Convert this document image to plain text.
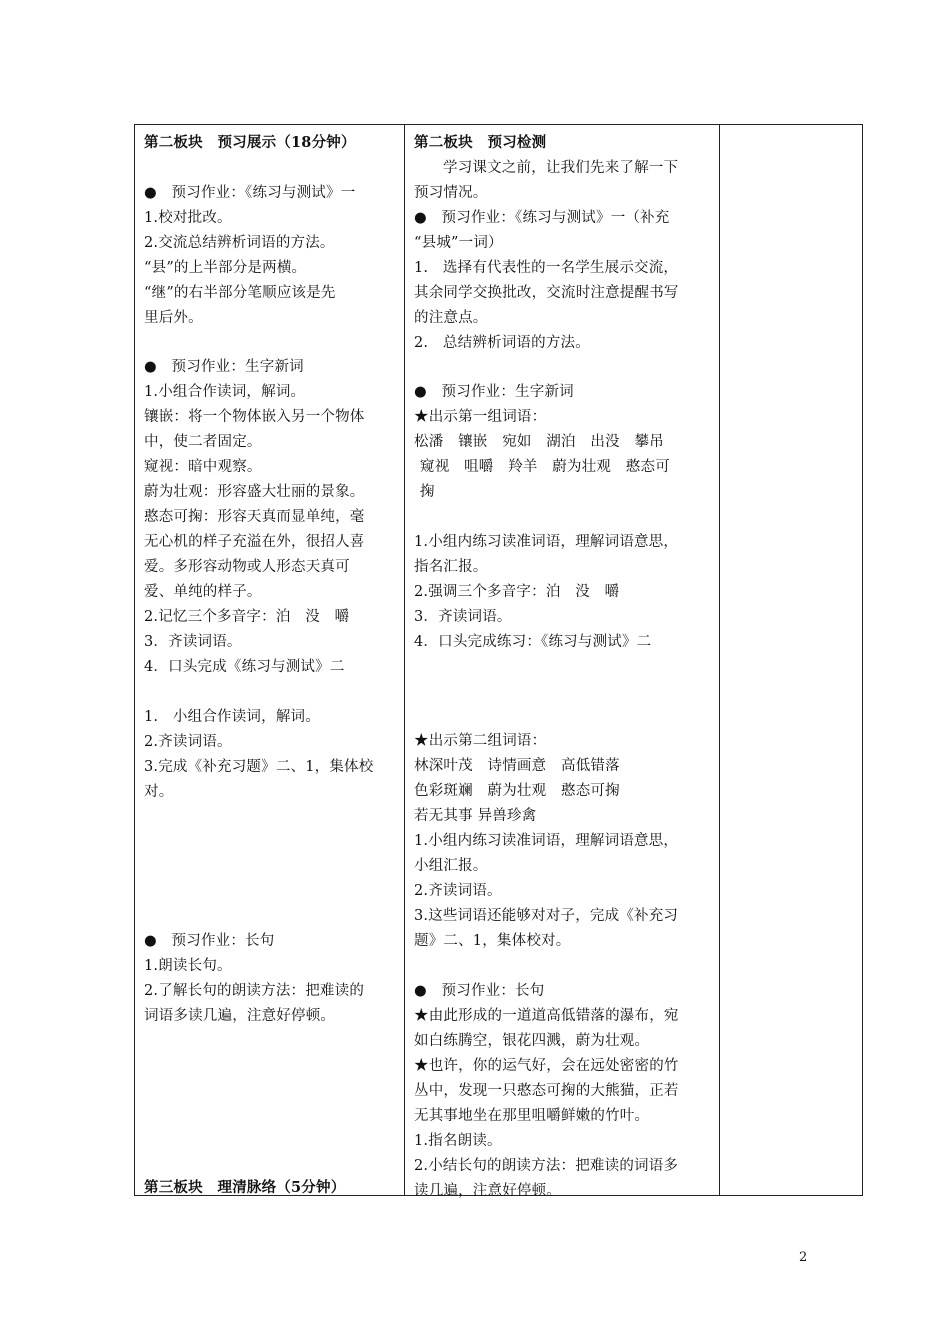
第二板块　预习展示（18分钟）
●　预习作业：《练习与测试》一
1.校对批改。
2.交流总结辨析词语的方法。
“县”的上半部分是两横。
“继”的右半部分笔顺应该是先
里后外。
●　预习作业：生字新词
1.小组合作读词，解词。
镶嵌：将一个物体嵌入另一个物体
中，使二者固定。
窥视：暗中观察。
蔚为壮观：形容盛大壮丽的景象。
憨态可掬：形容天真而显单纯，毫
无心机的样子充溢在外，很招人喜
爱。多形容动物或人形态天真可
爱、单纯的样子。
2.记忆三个多音字：泊　没　嚼
3．齐读词语。
4．口头完成《练习与测试》二
1.　小组合作读词，解词。
2.齐读词语。
3.完成《补充习题》二、1，集体校
对。
●　预习作业：长句
1.朗读长句。
2.了解长句的朗读方法：把难读的
词语多读几遍，注意好停顿。
第三板块　理清脉络（5分钟）

第二板块　预习检测
学习课文之前，让我们先来了解一下
预习情况。
●　预习作业：《练习与测试》一（补充
“县城”一词）
1.　选择有代表性的一名学生展示交流，
其余同学交换批改，交流时注意提醒书写
的注意点。
2.　总结辨析词语的方法。
●　预习作业：生字新词
★出示第一组词语：
松潘　镶嵌　宛如　湖泊　出没　攀吊
窥视　咀嚼　羚羊　蔚为壮观　憨态可
掬
1.小组内练习读准词语，理解词语意思，
指名汇报。
2.强调三个多音字：泊　没　嚼
3．齐读词语。
4．口头完成练习：《练习与测试》二
★出示第二组词语：
林深叶茂　诗情画意　高低错落
色彩斑斓　蔚为壮观　憨态可掬
若无其事 异兽珍禽
1.小组内练习读准词语，理解词语意思，
小组汇报。
2.齐读词语。
3.这些词语还能够对对子，完成《补充习
题》二、1，集体校对。
●　预习作业：长句
★由此形成的一道道高低错落的瀑布，宛
如白练腾空，银花四溅，蔚为壮观。
★也许，你的运气好，会在远处密密的竹
丛中，发现一只憨态可掬的大熊猫，正若
无其事地坐在那里咀嚼鲜嫩的竹叶。
1.指名朗读。
2.小结长句的朗读方法：把难读的词语多
读几遍，注意好停顿。

2
